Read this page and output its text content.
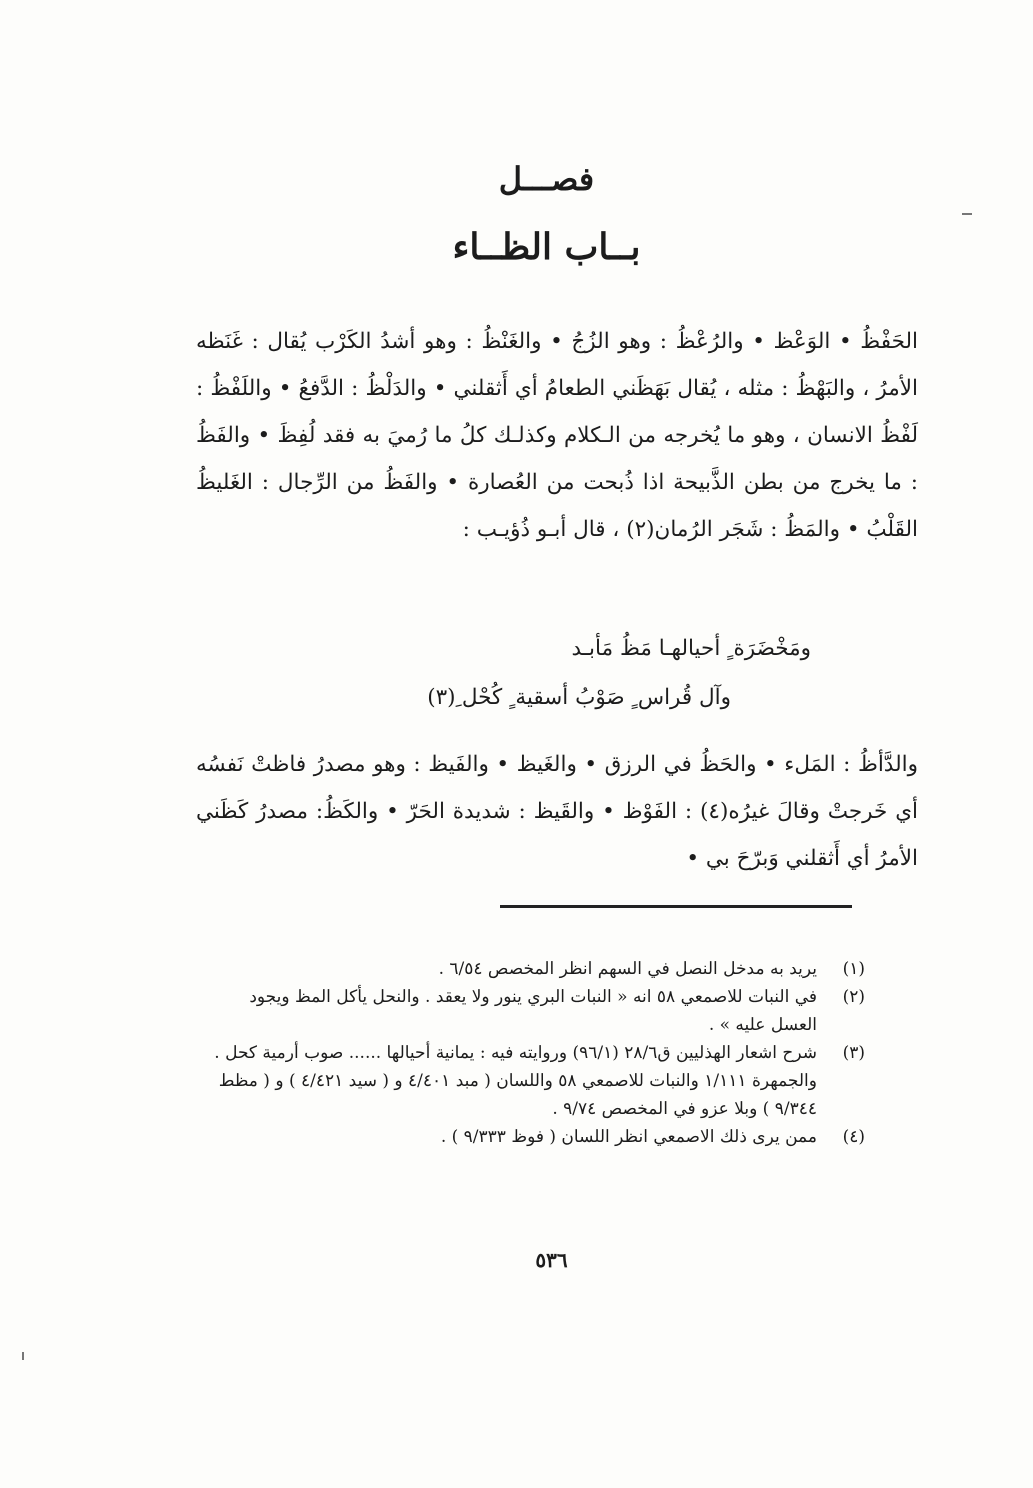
فصـــل
بــاب الظــاء
الحَفْظُ • الوَعْظ • والرُعْظُ : وهو الزُجُ • والغَنْظُ : وهو أشدُ الكَرْب يُقال : غَنَظه الأمرُ ، والبَهْظُ : مثله ، يُقال بَهَظَني الطعامُ أي أَثقلني • والدَلْظُ : الدَّفعُ • واللَفْظُ : لَفْظُ الانسان ، وهو ما يُخرجه من الـكلام وكذلـك كلُ ما رُميَ به فقد لُفِظَ • والفَظُ : ما يخرج من بطن الذَّبيحة اذا ذُبحت من العُصارة • والفَظُ من الرِّجال : الغَليظُ القَلْبُ • والمَظُ : شَجَر الرُمان(٢) ، قال أبـو ذُؤيـب :
ومَخْضَرَة ٍ أحيالهـا مَظُ مَأبـد
وآل قُراس ٍ صَوْبُ أسقية ٍ كُحْل ِ(٣)
والدَّأظُ : المَلء • والحَظُ في الرزق • والغَيظ • والفَيظ : وهو مصدرُ فاظتْ نَفسُه أي خَرجتْ وقالَ غيرُه(٤) : الفَوْظ • والقَيظ : شديدة الحَرّ • والكَظُ: مصدرُ كَظَني الأمرُ أي أَثقلني وَبرّحَ بي •
(١)
يريد به مدخل النصل في السهم انظر المخصص ٦/٥٤ .
(٢)
في النبات للاصمعي ٥٨ انه « النبات البري ينور ولا يعقد . والنحل يأكل المظ ويجود العسل عليه » .
(٣)
شرح اشعار الهذليين ق٢٨/٦ (٩٦/١) وروايته فيه : يمانية أحيالها ...... صوب أرمية كحل . والجمهرة ١/١١١ والنبات للاصمعي ٥٨ واللسان ( مبد ٤/٤٠١ و ( سيد ٤/٤٢١ ) و ( مظط ٩/٣٤٤ ) وبلا عزو في المخصص ٩/٧٤ .
(٤)
ممن يرى ذلك الاصمعي انظر اللسان ( فوظ ٩/٣٣٣ ) .
٥٣٦
